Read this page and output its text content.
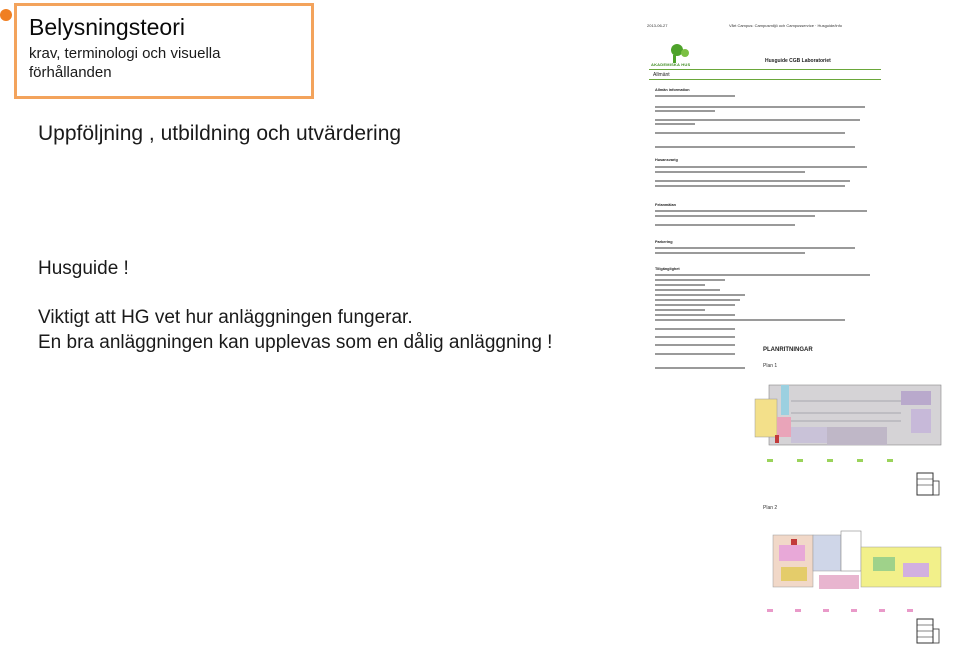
Belysningsteori
krav, terminologi och visuella förhållanden
Uppföljning , utbildning och utvärdering
Husguide !
Viktigt att HG vet hur anläggningen fungerar.
En bra anläggningen kan upplevas som en dålig anläggning !
2013-06-27	Vårt Campus: Campusmiljö och Campusservice · Husguide/info
AKADEMISKA HUS
Husguide CGB Laboratoriet
Allmänt
Allmän information
Husansvarig
Felanmälan
Parkering
Tillgänglighet
PLANRITNINGAR
Plan 1
Plan 2
